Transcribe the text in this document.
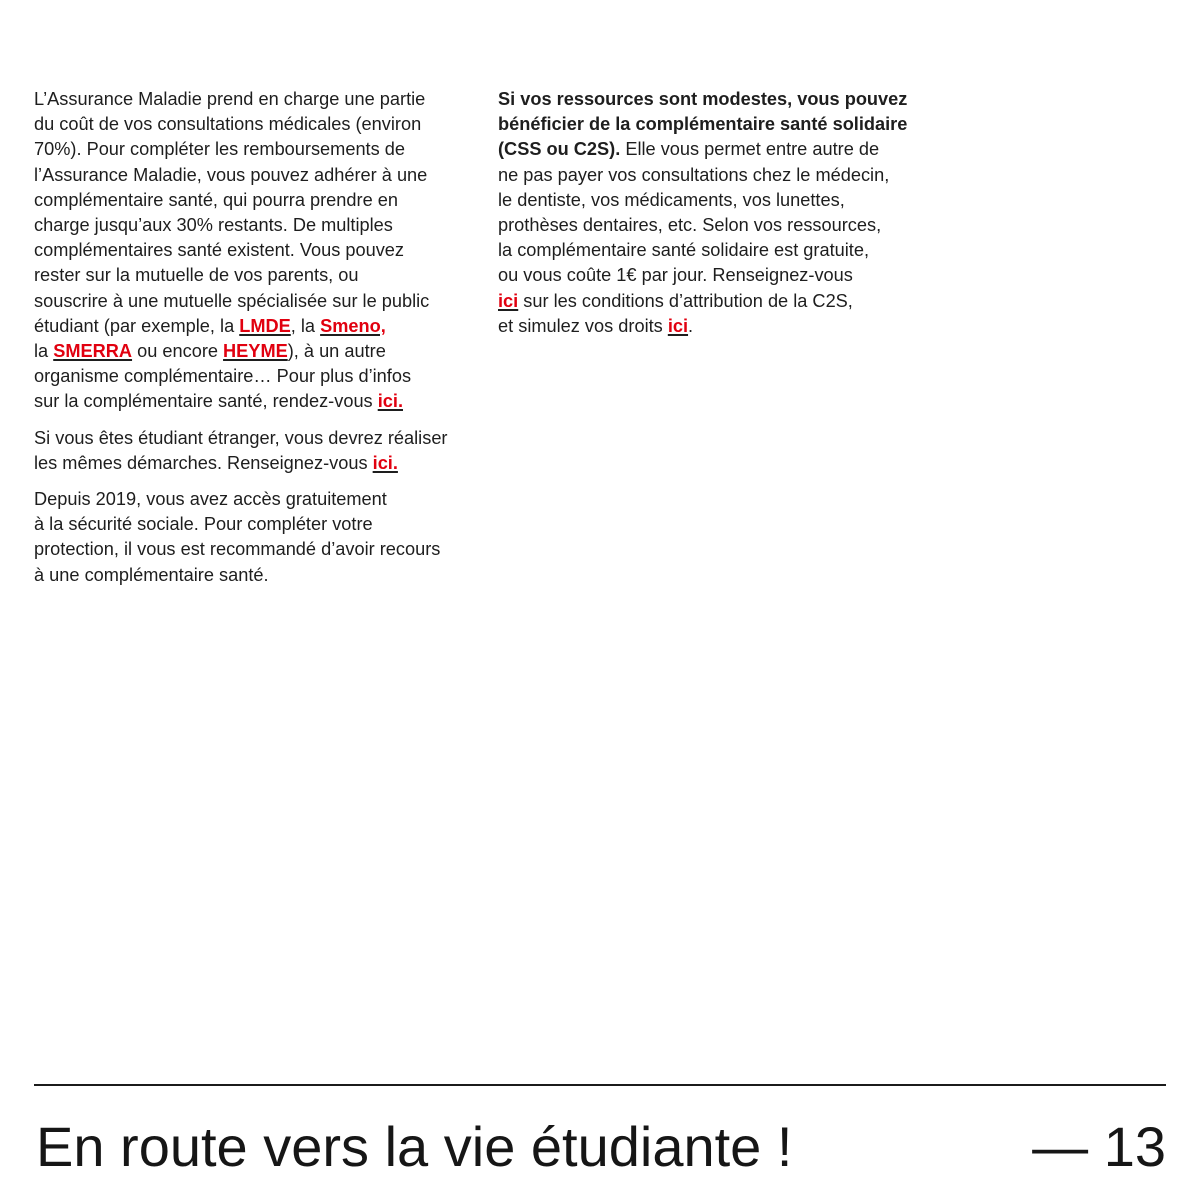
L’Assurance Maladie prend en charge une partie
du coût de vos consultations médicales (environ
70%). Pour compléter les remboursements de
l’Assurance Maladie, vous pouvez adhérer à une
complémentaire santé, qui pourra prendre en
charge jusqu’aux 30% restants. De multiples
complémentaires santé existent. Vous pouvez
rester sur la mutuelle de vos parents, ou
souscrire à une mutuelle spécialisée sur le public
étudiant (par exemple, la LMDE, la Smeno,
la SMERRA ou encore HEYME), à un autre
organisme complémentaire… Pour plus d’infos
sur la complémentaire santé, rendez-vous ici.

Si vous êtes étudiant étranger, vous devrez réaliser
les mêmes démarches. Renseignez-vous ici.

Depuis 2019, vous avez accès gratuitement
à la sécurité sociale. Pour compléter votre
protection, il vous est recommandé d’avoir recours
à une complémentaire santé.

Si vos ressources sont modestes, vous pouvez
bénéficier de la complémentaire santé solidaire
(CSS ou C2S). Elle vous permet entre autre de
ne pas payer vos consultations chez le médecin,
le dentiste, vos médicaments, vos lunettes,
prothèses dentaires, etc. Selon vos ressources,
la complémentaire santé solidaire est gratuite,
ou vous coûte 1€ par jour. Renseignez-vous
ici sur les conditions d’attribution de la C2S,
et simulez vos droits ici.

En route vers la vie étudiante !	— 13
